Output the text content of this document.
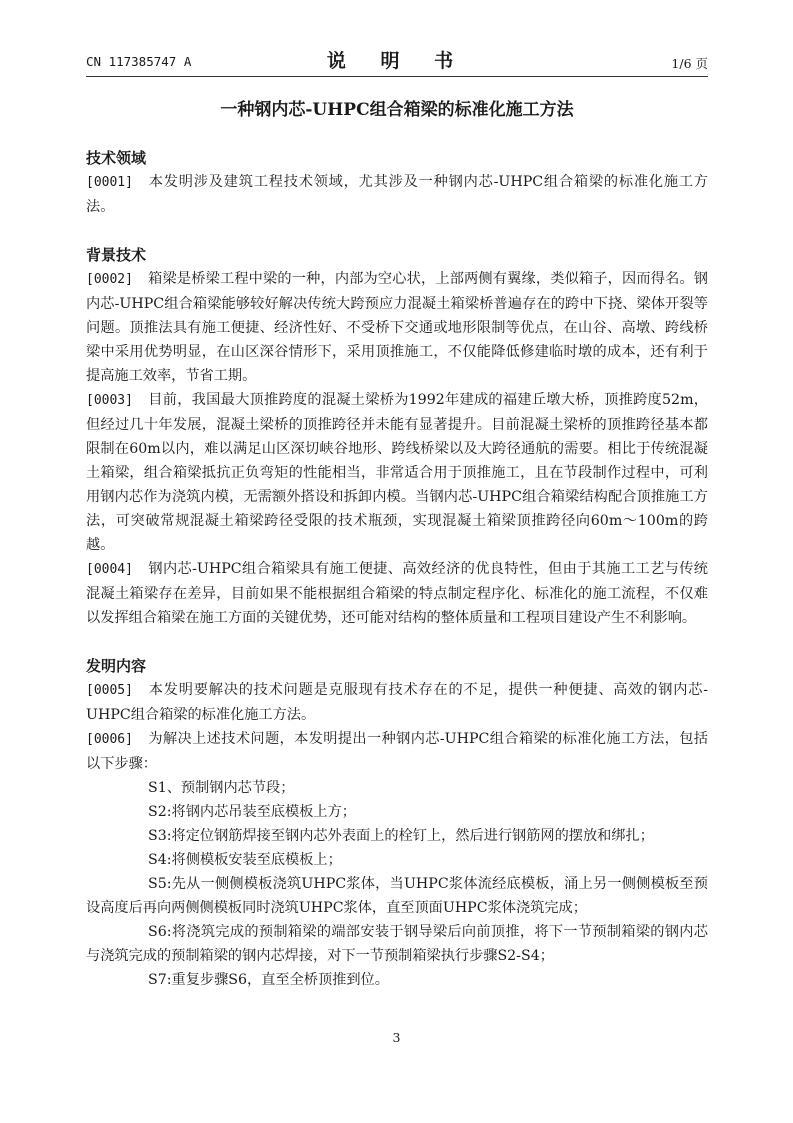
CN 117385747 A	说 明 书	1/6 页
一种钢内芯-UHPC组合箱梁的标准化施工方法
技术领域

[0001] 本发明涉及建筑工程技术领域，尤其涉及一种钢内芯-UHPC组合箱梁的标准化施工方法。

背景技术

[0002] 箱梁是桥梁工程中梁的一种，内部为空心状，上部两侧有翼缘，类似箱子，因而得名。钢内芯-UHPC组合箱梁能够较好解决传统大跨预应力混凝土箱梁桥普遍存在的跨中下挠、梁体开裂等问题。顶推法具有施工便捷、经济性好、不受桥下交通或地形限制等优点，在山谷、高墩、跨线桥梁中采用优势明显，在山区深谷情形下，采用顶推施工，不仅能降低修建临时墩的成本，还有利于提高施工效率，节省工期。

[0003] 目前，我国最大顶推跨度的混凝土梁桥为1992年建成的福建丘墩大桥，顶推跨度52m，但经过几十年发展，混凝土梁桥的顶推跨径并未能有显著提升。目前混凝土梁桥的顶推跨径基本都限制在60m以内，难以满足山区深切峡谷地形、跨线桥梁以及大跨径通航的需要。相比于传统混凝土箱梁，组合箱梁抵抗正负弯矩的性能相当，非常适合用于顶推施工，且在节段制作过程中，可利用钢内芯作为浇筑内模，无需额外搭设和拆卸内模。当钢内芯-UHPC组合箱梁结构配合顶推施工方法，可突破常规混凝土箱梁跨径受限的技术瓶颈，实现混凝土箱梁顶推跨径向60m～100m的跨越。

[0004] 钢内芯-UHPC组合箱梁具有施工便捷、高效经济的优良特性，但由于其施工工艺与传统混凝土箱梁存在差异，目前如果不能根据组合箱梁的特点制定程序化、标准化的施工流程，不仅难以发挥组合箱梁在施工方面的关键优势，还可能对结构的整体质量和工程项目建设产生不利影响。

发明内容

[0005] 本发明要解决的技术问题是克服现有技术存在的不足，提供一种便捷、高效的钢内芯-UHPC组合箱梁的标准化施工方法。

[0006] 为解决上述技术问题，本发明提出一种钢内芯-UHPC组合箱梁的标准化施工方法，包括以下步骤：

S1、预制钢内芯节段；

S2:将钢内芯吊装至底模板上方；

S3:将定位钢筋焊接至钢内芯外表面上的栓钉上，然后进行钢筋网的摆放和绑扎；

S4:将侧模板安装至底模板上；

S5:先从一侧侧模板浇筑UHPC浆体，当UHPC浆体流经底模板，涌上另一侧侧模板至预设高度后再向两侧侧模板同时浇筑UHPC浆体，直至顶面UHPC浆体浇筑完成；

S6:将浇筑完成的预制箱梁的端部安装于钢导梁后向前顶推，将下一节预制箱梁的钢内芯与浇筑完成的预制箱梁的钢内芯焊接，对下一节预制箱梁执行步骤S2-S4；

S7:重复步骤S6，直至全桥顶推到位。

3
